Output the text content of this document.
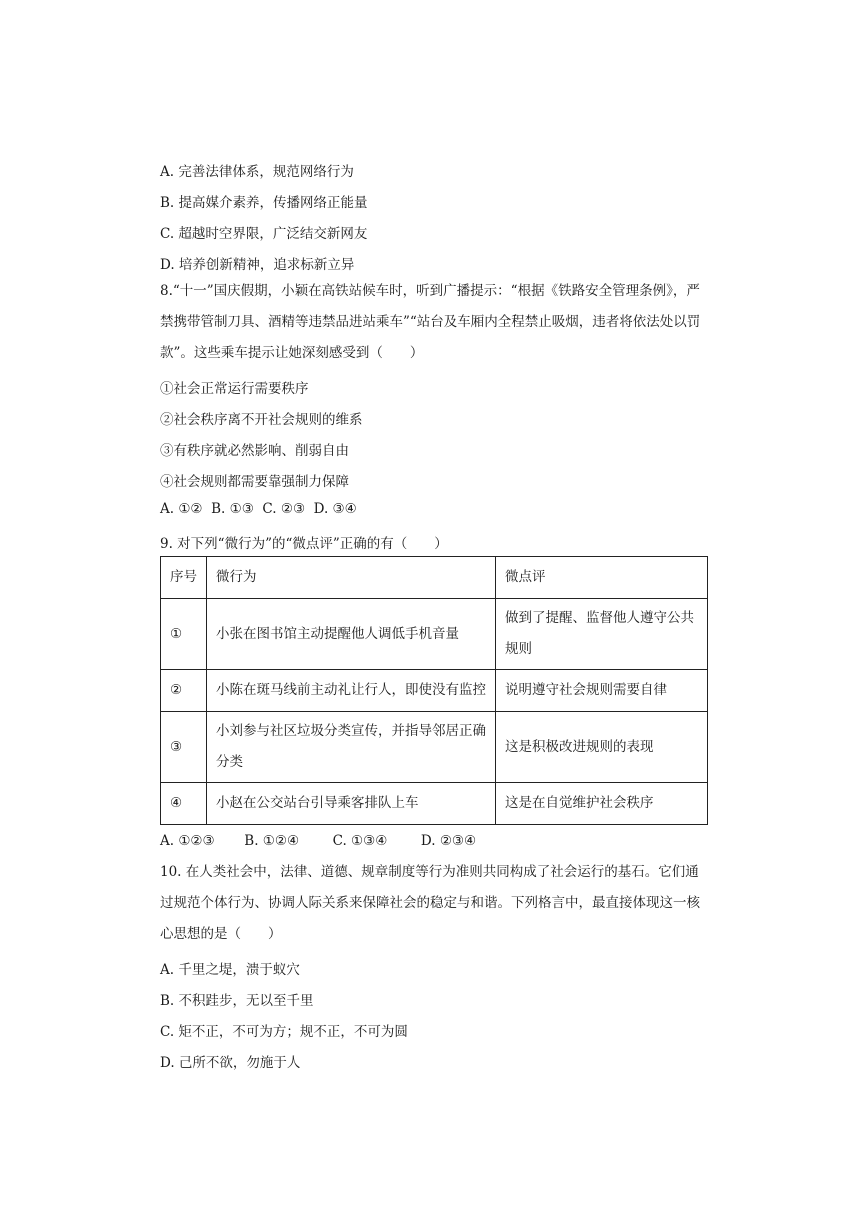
A. 完善法律体系，规范网络行为
B. 提高媒介素养，传播网络正能量
C. 超越时空界限，广泛结交新网友
D. 培养创新精神，追求标新立异
8.“十一”国庆假期，小颖在高铁站候车时，听到广播提示：“根据《铁路安全管理条例》，严
禁携带管制刀具、酒精等违禁品进站乘车”“站台及车厢内全程禁止吸烟，违者将依法处以罚
款”。这些乘车提示让她深刻感受到（　　）
①社会正常运行需要秩序
②社会秩序离不开社会规则的维系
③有秩序就必然影响、削弱自由
④社会规则都需要靠强制力保障
A. ①②  B. ①③  C. ②③  D. ③④
9. 对下列“微行为”的“微点评”正确的有（　　）
序号	微行为	微点评
①	小张在图书馆主动提醒他人调低手机音量	做到了提醒、监督他人遵守公共规则
②	小陈在斑马线前主动礼让行人，即使没有监控	说明遵守社会规则需要自律
③	小刘参与社区垃圾分类宣传，并指导邻居正确分类	这是积极改进规则的表现
④	小赵在公交站台引导乘客排队上车	这是在自觉维护社会秩序
A. ①②③ B. ①②④ C. ①③④ D. ②③④
10. 在人类社会中，法律、道德、规章制度等行为准则共同构成了社会运行的基石。它们通
过规范个体行为、协调人际关系来保障社会的稳定与和谐。下列格言中，最直接体现这一核
心思想的是（　　）
A. 千里之堤，溃于蚁穴
B. 不积跬步，无以至千里
C. 矩不正，不可为方；规不正，不可为圆
D. 己所不欲，勿施于人
